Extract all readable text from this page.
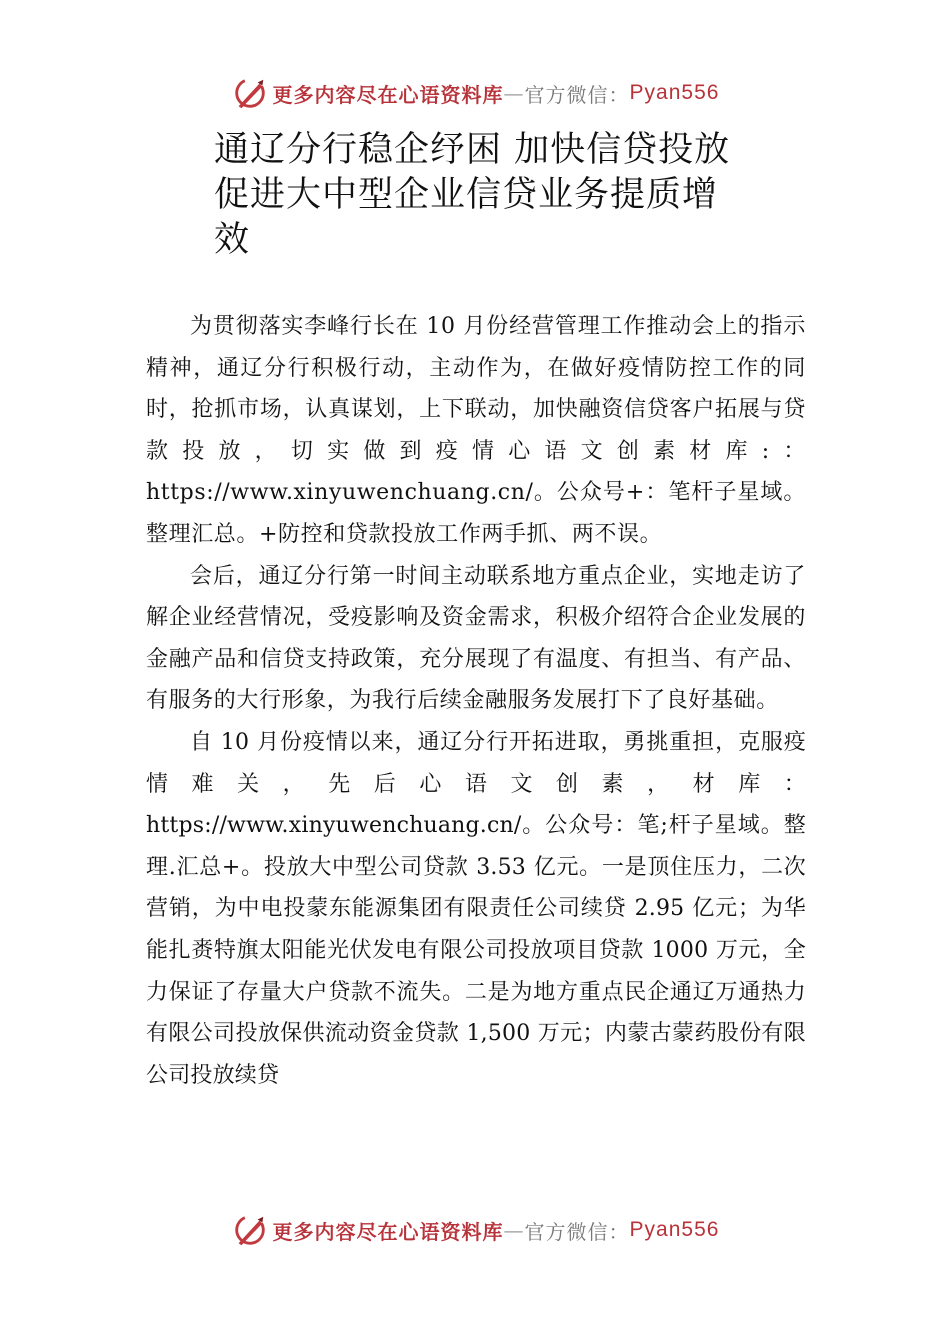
更多内容尽在心语资料库 — 官方微信： Pyan556
通辽分行稳企纾困 加快信贷投放
促进大中型企业信贷业务提质增
效

为贯彻落实李峰行长在 10 月份经营管理工作推动会上的指示精神，通辽分行积极行动，主动作为，在做好疫情防控工作的同时，抢抓市场，认真谋划，上下联动，加快融资信贷客户拓展与贷款投放，切实做到疫情心语文创素材库:：https://www.xinyuwenchuang.cn/。公众号+：笔杆子星域。整理汇总。+防控和贷款投放工作两手抓、两不误。

会后，通辽分行第一时间主动联系地方重点企业，实地走访了解企业经营情况，受疫影响及资金需求，积极介绍符合企业发展的金融产品和信贷支持政策，充分展现了有温度、有担当、有产品、有服务的大行形象，为我行后续金融服务发展打下了良好基础。

自 10 月份疫情以来，通辽分行开拓进取，勇挑重担，克服疫情难关，先后心语文创素，材库：https://www.xinyuwenchuang.cn/。公众号：笔;杆子星域。整理.汇总+。投放大中型公司贷款 3.53 亿元。一是顶住压力，二次营销，为中电投蒙东能源集团有限责任公司续贷 2.95 亿元；为华能扎赉特旗太阳能光伏发电有限公司投放项目贷款 1000 万元，全力保证了存量大户贷款不流失。二是为地方重点民企通辽万通热力有限公司投放保供流动资金贷款 1,500 万元；内蒙古蒙药股份有限公司投放续贷

更多内容尽在心语资料库 — 官方微信： Pyan556
